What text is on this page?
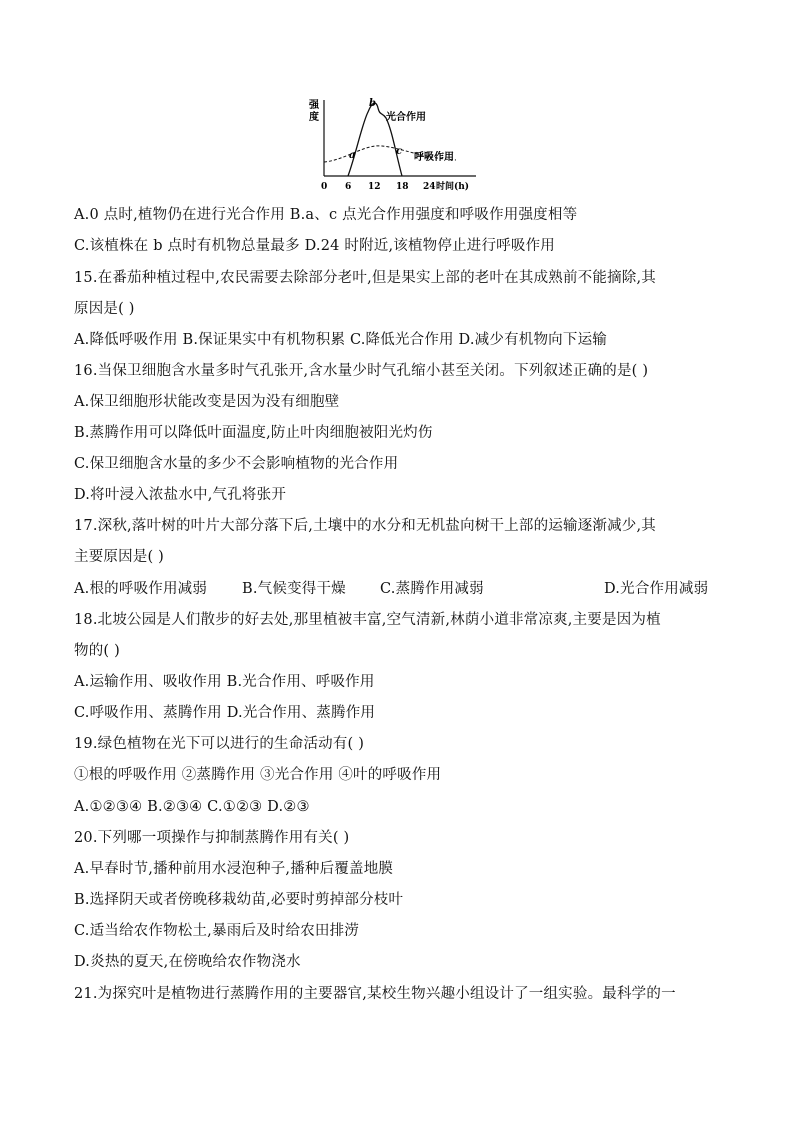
强
度
a
b
c
光合作用
呼吸作用
0 6 12 18 24 时间(h)
A.0 点时,植物仍在进行光合作用 B.a、c 点光合作用强度和呼吸作用强度相等
C.该植株在 b 点时有机物总量最多 D.24 时附近,该植物停止进行呼吸作用
15.在番茄种植过程中,农民需要去除部分老叶,但是果实上部的老叶在其成熟前不能摘除,其
原因是( )
A.降低呼吸作用 B.保证果实中有机物积累 C.降低光合作用 D.减少有机物向下运输
16.当保卫细胞含水量多时气孔张开,含水量少时气孔缩小甚至关闭。下列叙述正确的是( )
A.保卫细胞形状能改变是因为没有细胞壁
B.蒸腾作用可以降低叶面温度,防止叶肉细胞被阳光灼伤
C.保卫细胞含水量的多少不会影响植物的光合作用
D.将叶浸入浓盐水中,气孔将张开
17.深秋,落叶树的叶片大部分落下后,土壤中的水分和无机盐向树干上部的运输逐渐减少,其
主要原因是( )
A.根的呼吸作用减弱 B.气候变得干燥 C.蒸腾作用减弱	D.光合作用减弱
18.北坡公园是人们散步的好去处,那里植被丰富,空气清新,林荫小道非常凉爽,主要是因为植
物的( )
A.运输作用、吸收作用 B.光合作用、呼吸作用
C.呼吸作用、蒸腾作用 D.光合作用、蒸腾作用
19.绿色植物在光下可以进行的生命活动有( )
①根的呼吸作用 ②蒸腾作用 ③光合作用 ④叶的呼吸作用
A.①②③④ B.②③④ C.①②③ D.②③
20.下列哪一项操作与抑制蒸腾作用有关( )
A.早春时节,播种前用水浸泡种子,播种后覆盖地膜
B.选择阴天或者傍晚移栽幼苗,必要时剪掉部分枝叶
C.适当给农作物松土,暴雨后及时给农田排涝
D.炎热的夏天,在傍晚给农作物浇水
21.为探究叶是植物进行蒸腾作用的主要器官,某校生物兴趣小组设计了一组实验。最科学的一
